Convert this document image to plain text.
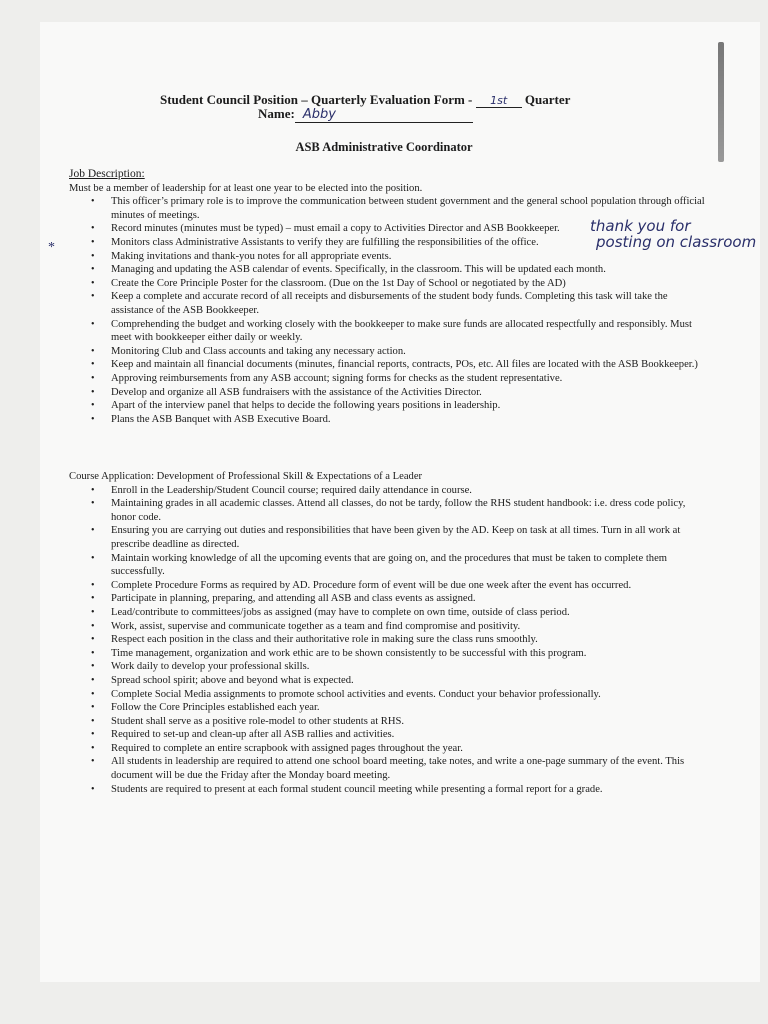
Student Council Position – Quarterly Evaluation Form - 1st Quarter
Name: Abby
ASB Administrative Coordinator
Job Description:
Must be a member of leadership for at least one year to be elected into the position.
• This officer’s primary role is to improve the communication between student government and the general school population through official minutes of meetings.
• Record minutes (minutes must be typed) – must email a copy to Activities Director and ASB Bookkeeper.
• Monitors class Administrative Assistants to verify they are fulfilling the responsibilities of the office.
• Making invitations and thank-you notes for all appropriate events.
• Managing and updating the ASB calendar of events. Specifically, in the classroom. This will be updated each month.
• Create the Core Principle Poster for the classroom. (Due on the 1st Day of School or negotiated by the AD)
• Keep a complete and accurate record of all receipts and disbursements of the student body funds. Completing this task will take the assistance of the ASB Bookkeeper.
• Comprehending the budget and working closely with the bookkeeper to make sure funds are allocated respectfully and responsibly. Must meet with bookkeeper either daily or weekly.
• Monitoring Club and Class accounts and taking any necessary action.
• Keep and maintain all financial documents (minutes, financial reports, contracts, POs, etc. All files are located with the ASB Bookkeeper.)
• Approving reimbursements from any ASB account; signing forms for checks as the student representative.
• Develop and organize all ASB fundraisers with the assistance of the Activities Director.
• Apart of the interview panel that helps to decide the following years positions in leadership.
• Plans the ASB Banquet with ASB Executive Board.
Course Application: Development of Professional Skill & Expectations of a Leader
• Enroll in the Leadership/Student Council course; required daily attendance in course.
• Maintaining grades in all academic classes. Attend all classes, do not be tardy, follow the RHS student handbook: i.e. dress code policy, honor code.
• Ensuring you are carrying out duties and responsibilities that have been given by the AD. Keep on task at all times. Turn in all work at prescribe deadline as directed.
• Maintain working knowledge of all the upcoming events that are going on, and the procedures that must be taken to complete them successfully.
• Complete Procedure Forms as required by AD. Procedure form of event will be due one week after the event has occurred.
• Participate in planning, preparing, and attending all ASB and class events as assigned.
• Lead/contribute to committees/jobs as assigned (may have to complete on own time, outside of class period.
• Work, assist, supervise and communicate together as a team and find compromise and positivity.
• Respect each position in the class and their authoritative role in making sure the class runs smoothly.
• Time management, organization and work ethic are to be shown consistently to be successful with this program.
• Work daily to develop your professional skills.
• Spread school spirit; above and beyond what is expected.
• Complete Social Media assignments to promote school activities and events. Conduct your behavior professionally.
• Follow the Core Principles established each year.
• Student shall serve as a positive role-model to other students at RHS.
• Required to set-up and clean-up after all ASB rallies and activities.
• Required to complete an entire scrapbook with assigned pages throughout the year.
• All students in leadership are required to attend one school board meeting, take notes, and write a one-page summary of the event. This document will be due the Friday after the Monday board meeting.
• Students are required to present at each formal student council meeting while presenting a formal report for a grade.
thank you for
posting on classroom
*
